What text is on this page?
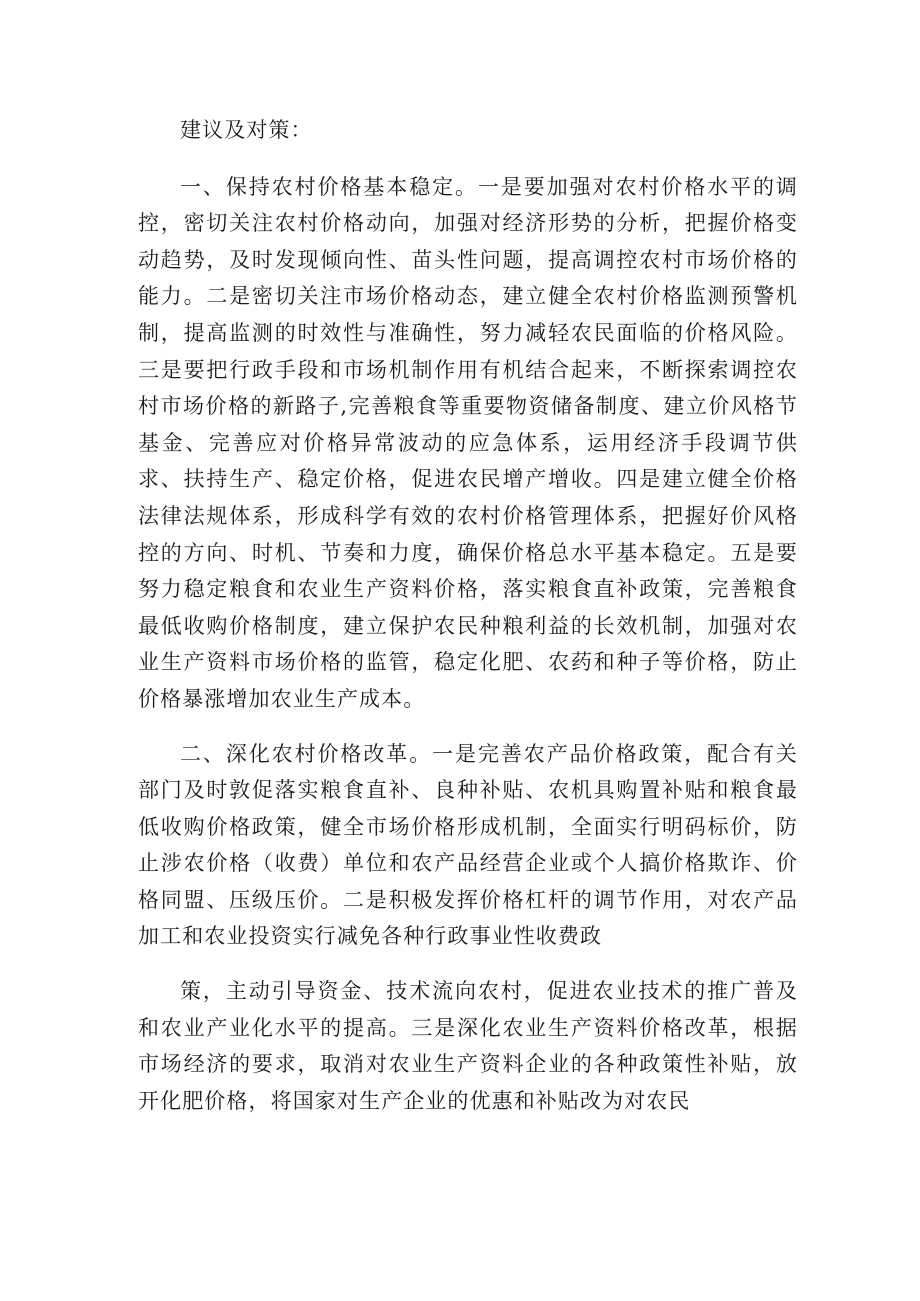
建议及对策：

一、保持农村价格基本稳定。一是要加强对农村价格水平的调控，密切关注农村价格动向，加强对经济形势的分析，把握价格变动趋势，及时发现倾向性、苗头性问题，提高调控农村市场价格的能力。二是密切关注市场价格动态，建立健全农村价格监测预警机制，提高监测的时效性与准确性，努力减轻农民面临的价格风险。三是要把行政手段和市场机制作用有机结合起来，不断探索调控农村市场价格的新路子,完善粮食等重要物资储备制度、建立价风格节基金、完善应对价格异常波动的应急体系，运用经济手段调节供求、扶持生产、稳定价格，促进农民增产增收。四是建立健全价格法律法规体系，形成科学有效的农村价格管理体系，把握好价风格控的方向、时机、节奏和力度，确保价格总水平基本稳定。五是要努力稳定粮食和农业生产资料价格，落实粮食直补政策，完善粮食最低收购价格制度，建立保护农民种粮利益的长效机制，加强对农业生产资料市场价格的监管，稳定化肥、农药和种子等价格，防止价格暴涨增加农业生产成本。

二、深化农村价格改革。一是完善农产品价格政策，配合有关部门及时敦促落实粮食直补、良种补贴、农机具购置补贴和粮食最低收购价格政策，健全市场价格形成机制，全面实行明码标价，防止涉农价格（收费）单位和农产品经营企业或个人搞价格欺诈、价格同盟、压级压价。二是积极发挥价格杠杆的调节作用，对农产品加工和农业投资实行减免各种行政事业性收费政

策，主动引导资金、技术流向农村，促进农业技术的推广普及和农业产业化水平的提高。三是深化农业生产资料价格改革，根据市场经济的要求，取消对农业生产资料企业的各种政策性补贴，放开化肥价格，将国家对生产企业的优惠和补贴改为对农民
